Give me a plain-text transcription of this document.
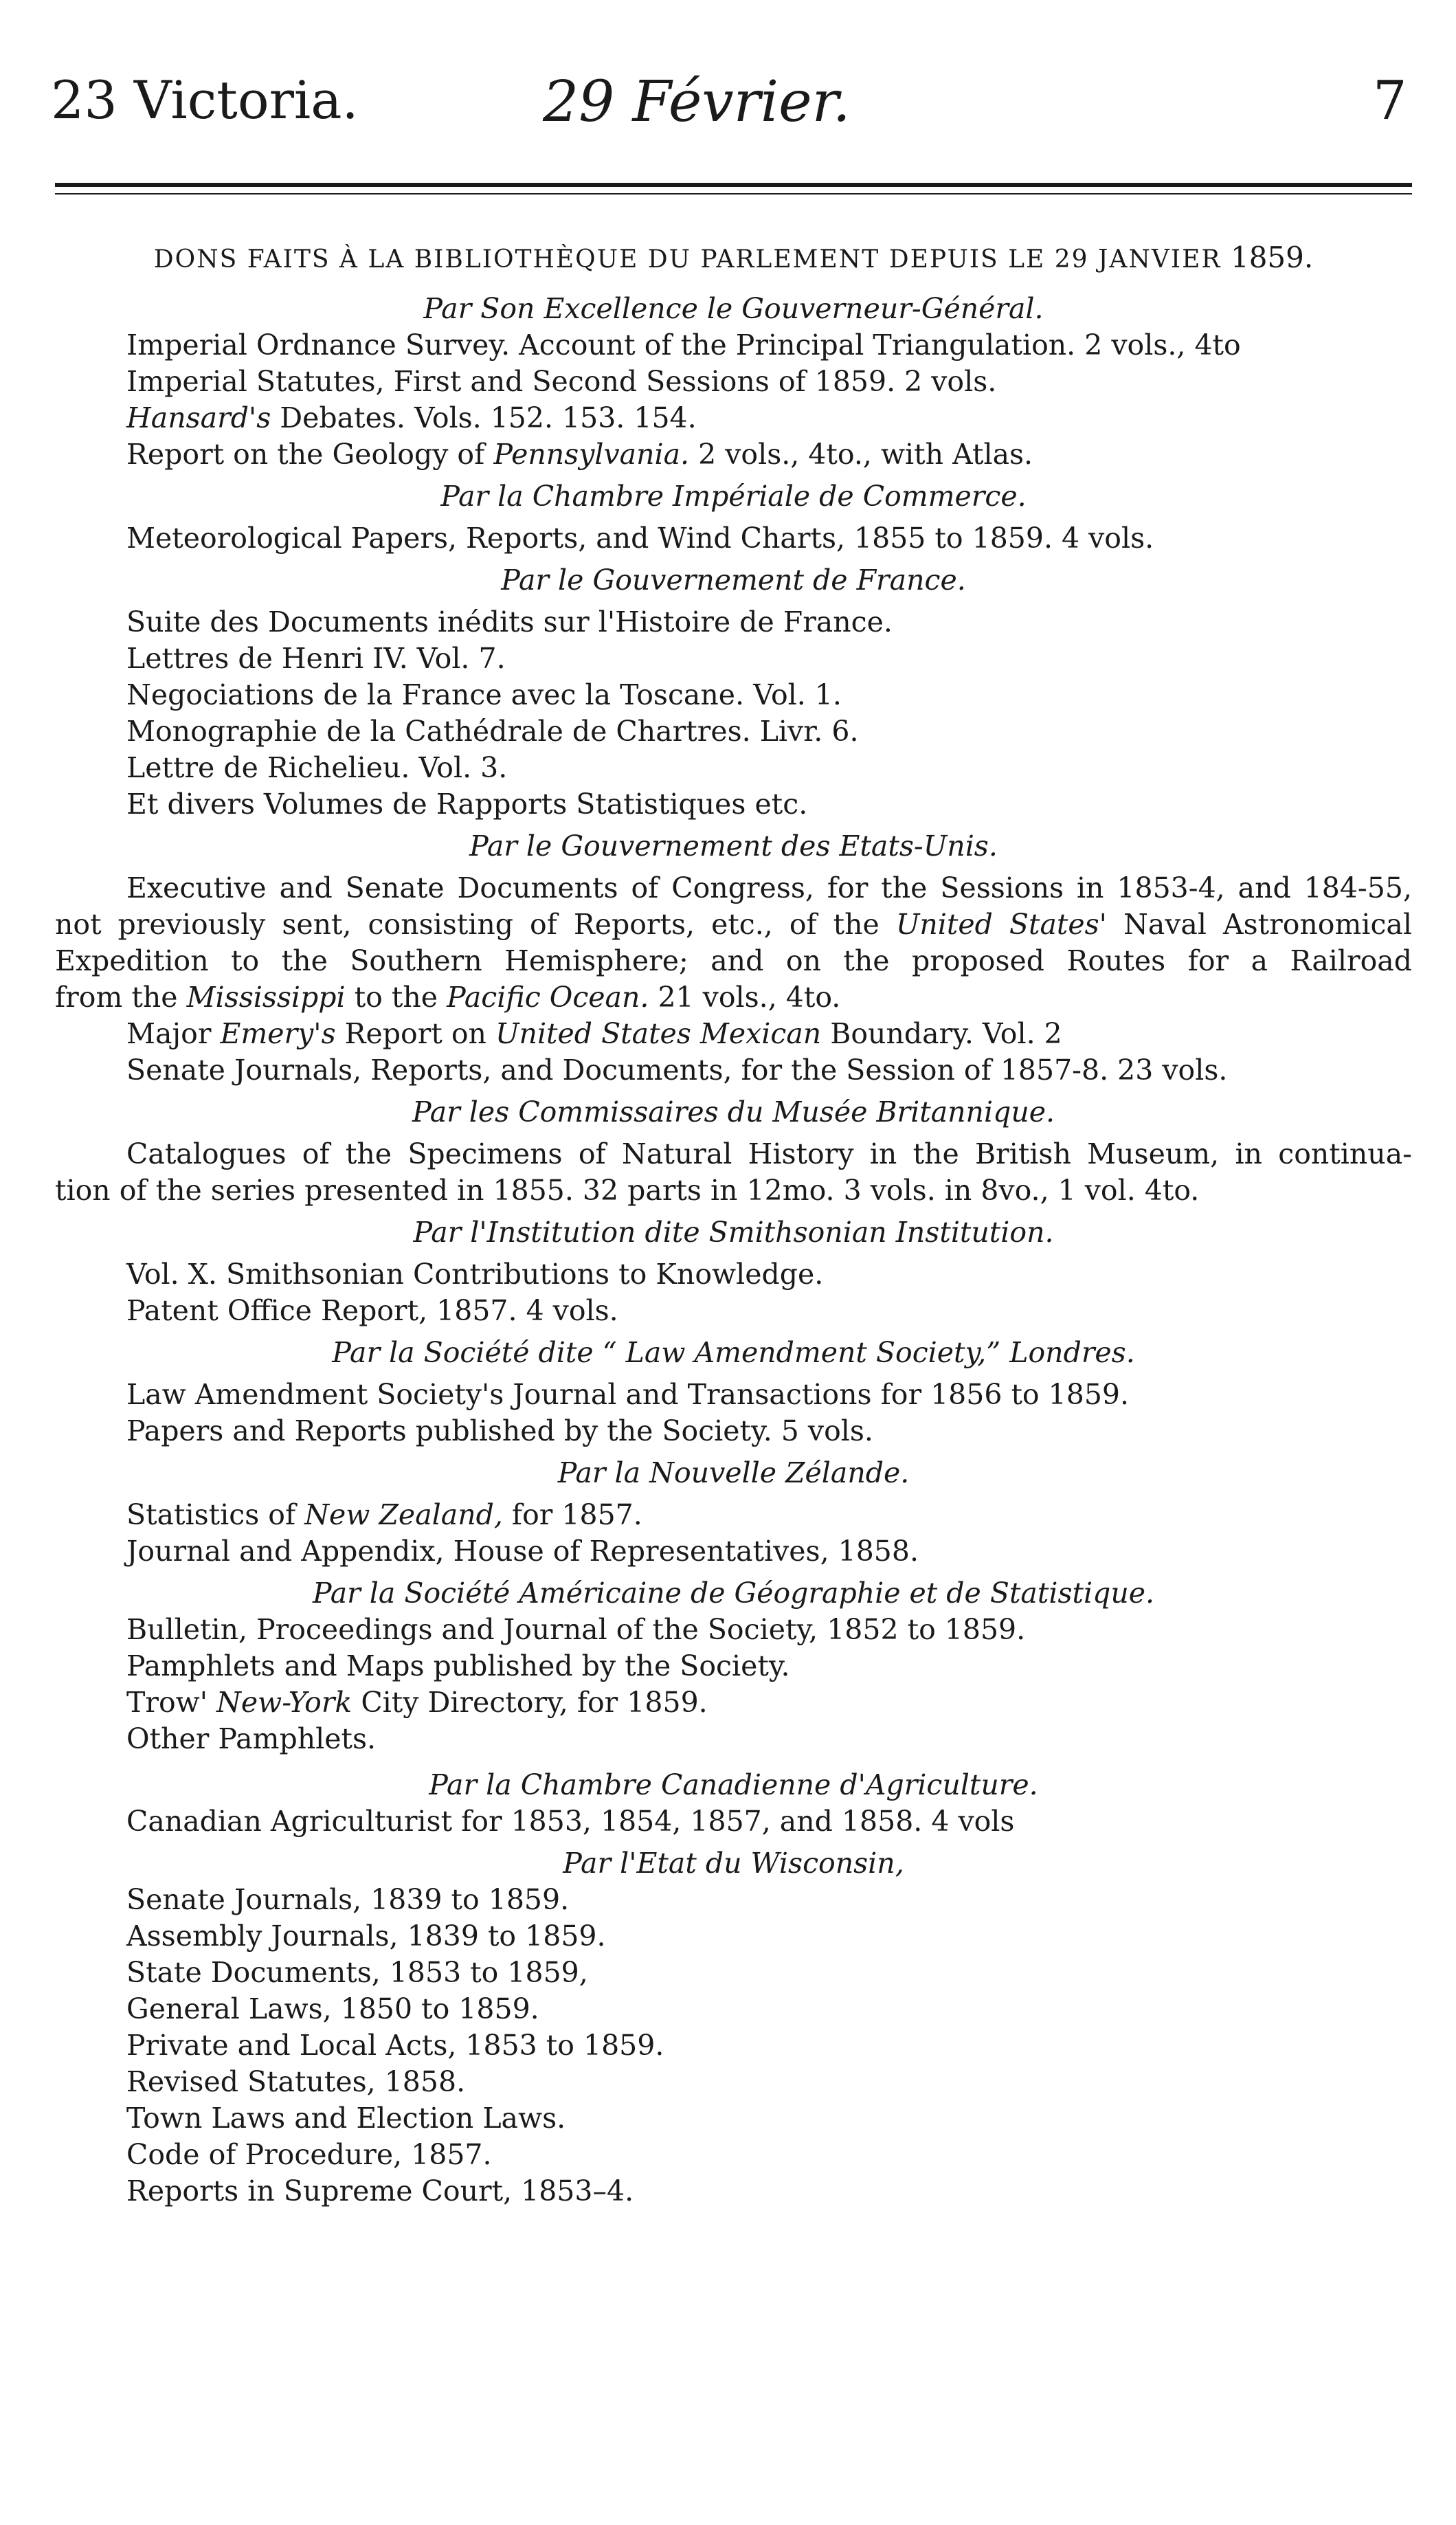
23 Victoria.	29 Février.	7
DONS FAITS À LA BIBLIOTHÈQUE DU PARLEMENT DEPUIS LE 29 JANVIER 1859.
Par Son Excellence le Gouverneur-Général.
Imperial Ordnance Survey. Account of the Principal Triangulation. 2 vols., 4to
Imperial Statutes, First and Second Sessions of 1859. 2 vols.
Hansard's Debates. Vols. 152. 153. 154.
Report on the Geology of Pennsylvania. 2 vols., 4to., with Atlas.
Par la Chambre Impériale de Commerce.
Meteorological Papers, Reports, and Wind Charts, 1855 to 1859. 4 vols.
Par le Gouvernement de France.
Suite des Documents inédits sur l'Histoire de France.
Lettres de Henri IV. Vol. 7.
Negociations de la France avec la Toscane. Vol. 1.
Monographie de la Cathédrale de Chartres. Livr. 6.
Lettre de Richelieu. Vol. 3.
Et divers Volumes de Rapports Statistiques etc.
Par le Gouvernement des Etats-Unis.
Executive and Senate Documents of Congress, for the Sessions in 1853-4, and 184-55,
not previously sent, consisting of Reports, etc., of the United States' Naval Astronomical
Expedition to the Southern Hemisphere; and on the proposed Routes for a Railroad
from the Mississippi to the Pacific Ocean. 21 vols., 4to.
Major Emery's Report on United States Mexican Boundary. Vol. 2
Senate Journals, Reports, and Documents, for the Session of 1857-8. 23 vols.
Par les Commissaires du Musée Britannique.
Catalogues of the Specimens of Natural History in the British Museum, in continua-
tion of the series presented in 1855. 32 parts in 12mo. 3 vols. in 8vo., 1 vol. 4to.
Par l'Institution dite Smithsonian Institution.
Vol. X. Smithsonian Contributions to Knowledge.
Patent Office Report, 1857. 4 vols.
Par la Société dite “ Law Amendment Society,” Londres.
Law Amendment Society's Journal and Transactions for 1856 to 1859.
Papers and Reports published by the Society. 5 vols.
Par la Nouvelle Zélande.
Statistics of New Zealand, for 1857.
Journal and Appendix, House of Representatives, 1858.
Par la Société Américaine de Géographie et de Statistique.
Bulletin, Proceedings and Journal of the Society, 1852 to 1859.
Pamphlets and Maps published by the Society.
Trow' New-York City Directory, for 1859.
Other Pamphlets.
Par la Chambre Canadienne d'Agriculture.
Canadian Agriculturist for 1853, 1854, 1857, and 1858. 4 vols
Par l'Etat du Wisconsin,
Senate Journals, 1839 to 1859.
Assembly Journals, 1839 to 1859.
State Documents, 1853 to 1859,
General Laws, 1850 to 1859.
Private and Local Acts, 1853 to 1859.
Revised Statutes, 1858.
Town Laws and Election Laws.
Code of Procedure, 1857.
Reports in Supreme Court, 1853–4.
